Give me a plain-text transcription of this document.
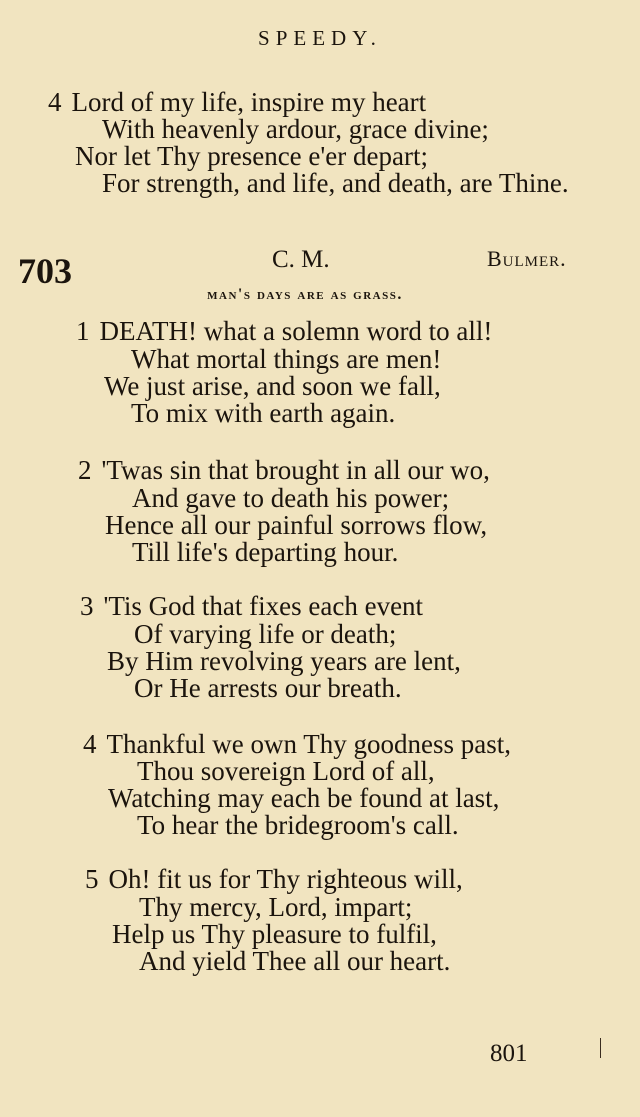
SPEEDY.
4 Lord of my life, inspire my heart
With heavenly ardour, grace divine;
Nor let Thy presence e'er depart;
For strength, and life, and death, are Thine.
703	C. M.	Bulmer.
man's days are as grass.
1 DEATH! what a solemn word to all!
What mortal things are men!
We just arise, and soon we fall,
To mix with earth again.
2 'Twas sin that brought in all our wo,
And gave to death his power;
Hence all our painful sorrows flow,
Till life's departing hour.
3 'Tis God that fixes each event
Of varying life or death;
By Him revolving years are lent,
Or He arrests our breath.
4 Thankful we own Thy goodness past,
Thou sovereign Lord of all,
Watching may each be found at last,
To hear the bridegroom's call.
5 Oh! fit us for Thy righteous will,
Thy mercy, Lord, impart;
Help us Thy pleasure to fulfil,
And yield Thee all our heart.
801
